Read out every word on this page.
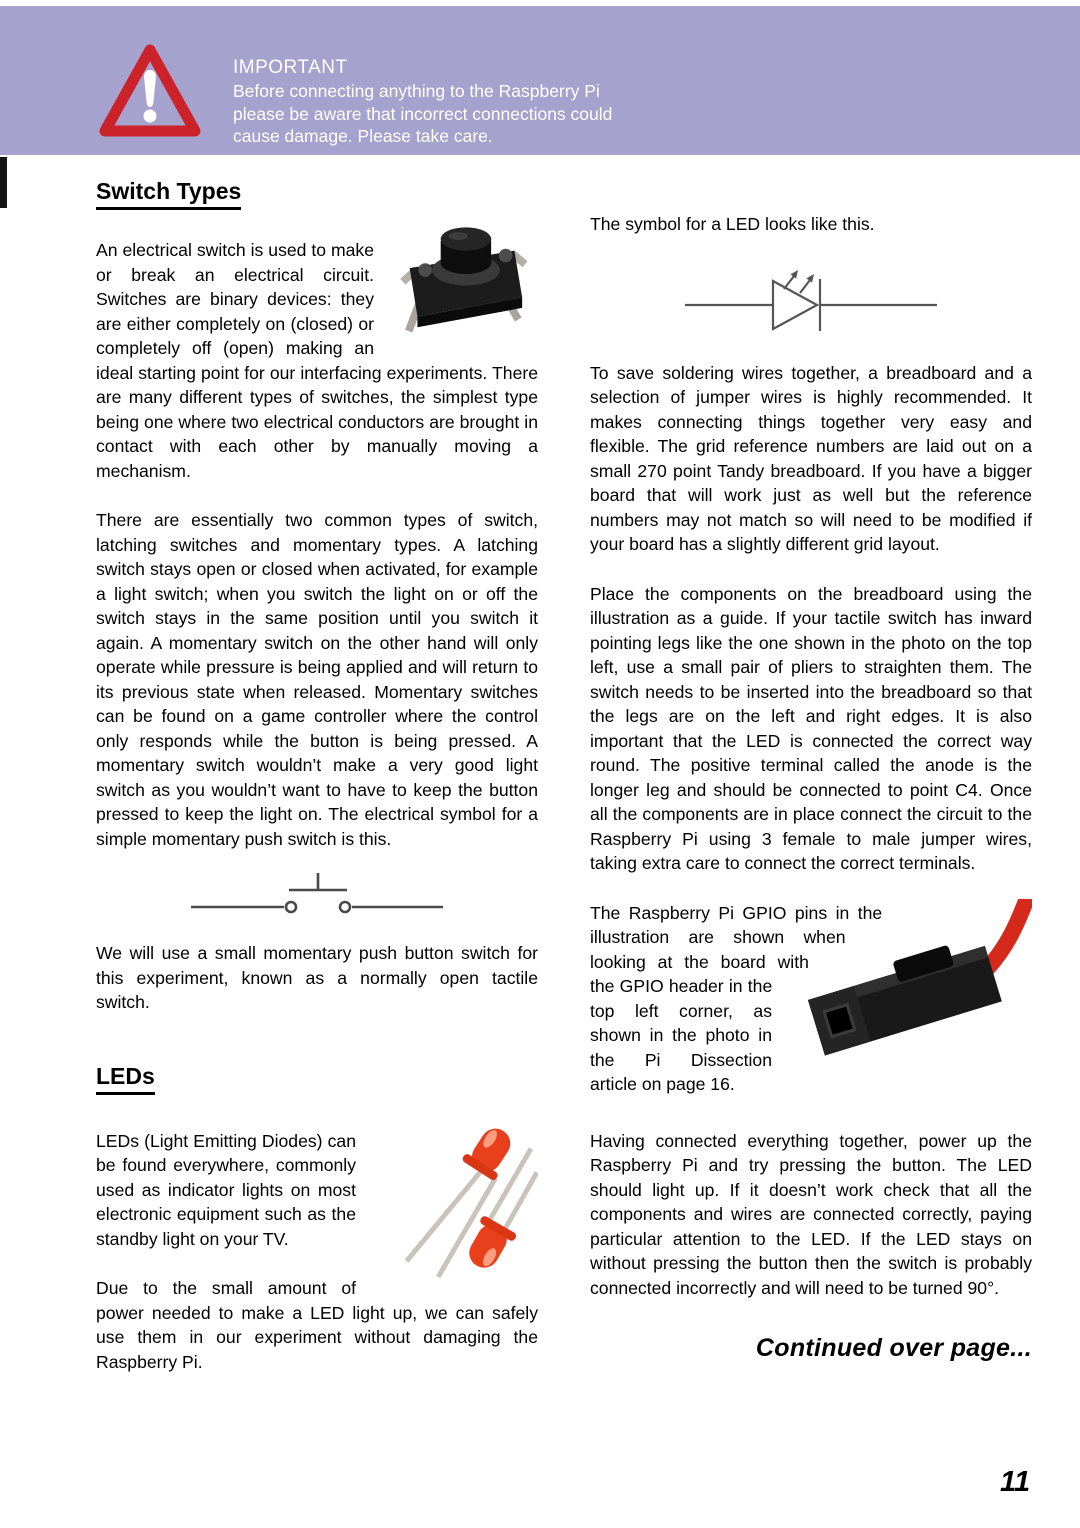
IMPORTANT
Before connecting anything to the Raspberry Pi
please be aware that incorrect connections could
cause damage. Please take care.
Switch Types

An electrical switch is used to make or break an electrical circuit. Switches are binary devices: they are either completely on (closed) or completely off (open) making an ideal starting point for our interfacing experiments. There are many different types of switches, the simplest type being one where two electrical conductors are brought in contact with each other by manually moving a mechanism.

There are essentially two common types of switch, latching switches and momentary types. A latching switch stays open or closed when activated, for example a light switch; when you switch the light on or off the switch stays in the same position until you switch it again. A momentary switch on the other hand will only operate while pressure is being applied and will return to its previous state when released. Momentary switches can be found on a game controller where the control only responds while the button is being pressed. A momentary switch wouldn’t make a very good light switch as you wouldn’t want to have to keep the button pressed to keep the light on. The electrical symbol for a simple momentary push switch is this.

We will use a small momentary push button switch for this experiment, known as a normally open tactile switch.

LEDs

LEDs (Light Emitting Diodes) can be found everywhere, commonly used as indicator lights on most electronic equipment such as the standby light on your TV.

Due to the small amount of power needed to make a LED light up, we can safely use them in our experiment without damaging the Raspberry Pi.

The symbol for a LED looks like this.

To save soldering wires together, a breadboard and a selection of jumper wires is highly recommended. It makes connecting things together very easy and flexible. The grid reference numbers are laid out on a small 270 point Tandy breadboard. If you have a bigger board that will work just as well but the reference numbers may not match so will need to be modified if your board has a slightly different grid layout.

Place the components on the breadboard using the illustration as a guide. If your tactile switch has inward pointing legs like the one shown in the photo on the top left, use a small pair of pliers to straighten them. The switch needs to be inserted into the breadboard so that the legs are on the left and right edges. It is also important that the LED is connected the correct way round. The positive terminal called the anode is the longer leg and should be connected to point C4. Once all the components are in place connect the circuit to the Raspberry Pi using 3 female to male jumper wires, taking extra care to connect the correct terminals.

The Raspberry Pi GPIO pins in the illustration are shown when looking at the board with the GPIO header in the top left corner, as shown in the photo in the Pi Dissection article on page 16.

Having connected everything together, power up the Raspberry Pi and try pressing the button. The LED should light up. If it doesn’t work check that all the components and wires are connected correctly, paying particular attention to the LED. If the LED stays on without pressing the button then the switch is probably connected incorrectly and will need to be turned 90°.

Continued over page...
11
